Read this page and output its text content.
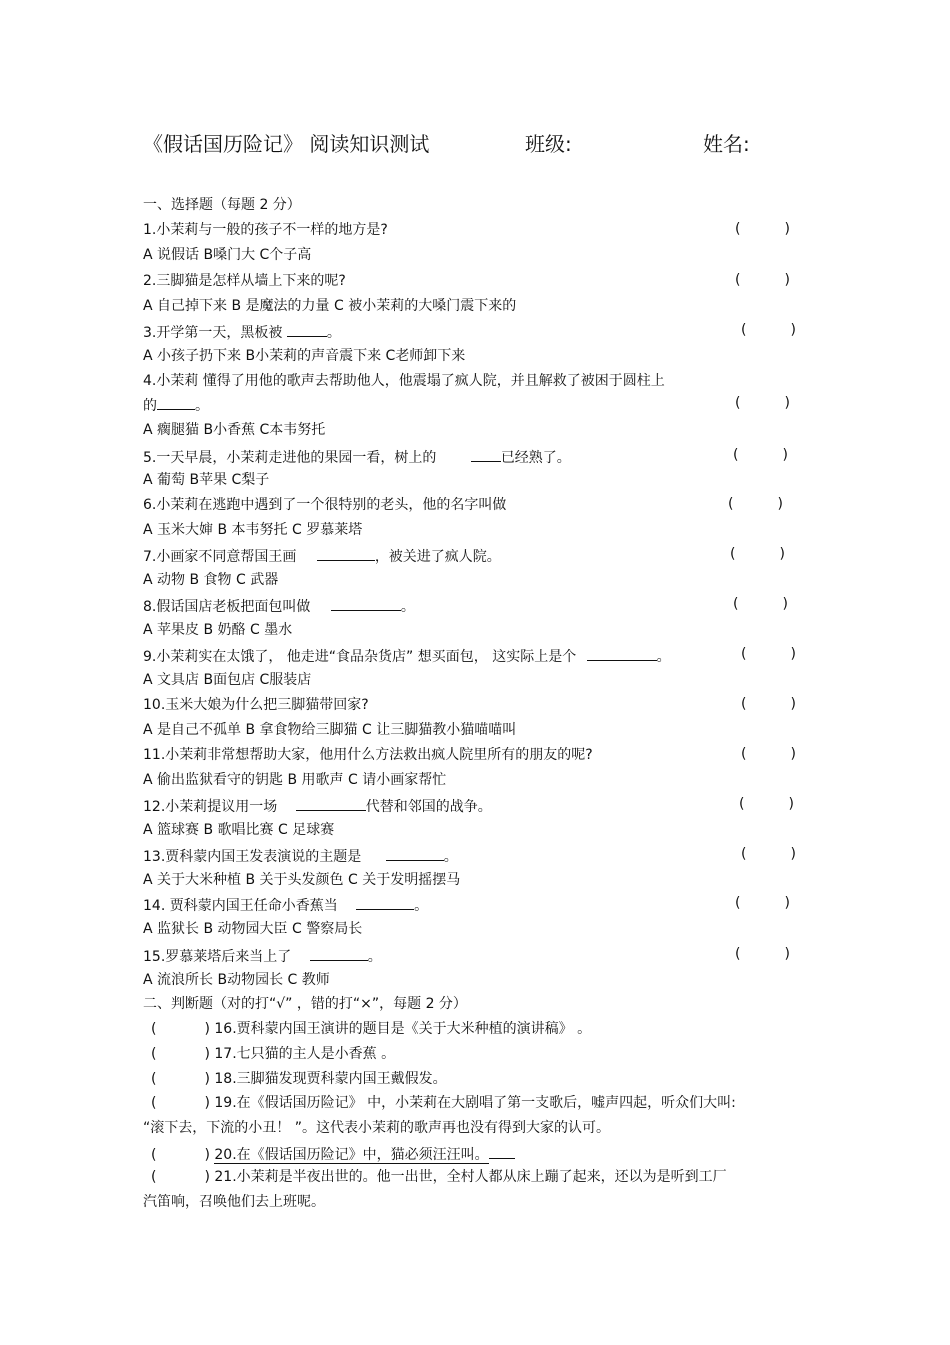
《假话国历险记》 阅读知识测试	班级:	姓名:
一、选择题（每题 2 分）
1.小茉莉与一般的孩子不一样的地方是?	(	)
A 说假话 B嗓门大 C个子高
2.三脚猫是怎样从墙上下来的呢?	(	)
A 自己掉下来 B 是魔法的力量 C 被小茉莉的大嗓门震下来的
3.开学第一天，黑板被	。	(	)
A 小孩子扔下来 B小茉莉的声音震下来 C老师卸下来
4.小茉莉 懂得了用他的歌声去帮助他人，他震塌了疯人院，并且解救了被困于圆柱上
的	。	(	)
A 瘸腿猫 B小香蕉 C本韦努托
5.一天早晨，小茉莉走进他的果园一看，树上的	已经熟了。	(	)
A 葡萄 B苹果 C梨子
6.小茉莉在逃跑中遇到了一个很特别的老头，他的名字叫做	(	)
A 玉米大婶 B 本韦努托 C 罗慕莱塔
7.小画家不同意帮国王画	，被关进了疯人院。	(	)
A 动物 B 食物 C 武器
8.假话国店老板把面包叫做	。	(	)
A 苹果皮 B 奶酪 C 墨水
9.小茉莉实在太饿了， 他走进“食品杂货店” 想买面包， 这实际上是个	。	(	)
A 文具店 B面包店 C服装店
10.玉米大娘为什么把三脚猫带回家?	(	)
A 是自己不孤单 B 拿食物给三脚猫 C 让三脚猫教小猫喵喵叫
11.小茉莉非常想帮助大家，他用什么方法救出疯人院里所有的朋友的呢?	(	)
A 偷出监狱看守的钥匙 B 用歌声 C 请小画家帮忙
12.小茉莉提议用一场	代替和邻国的战争。	(	)
A 篮球赛 B 歌唱比赛 C 足球赛
13.贾科蒙内国王发表演说的主题是	。	(	)
A 关于大米种植 B 关于头发颜色 C 关于发明摇摆马
14. 贾科蒙内国王任命小香蕉当	。	(	)
A 监狱长 B 动物园大臣 C 警察局长
15.罗慕莱塔后来当上了	。	(	)
A 流浪所长 B动物园长 C 教师
二、判断题（对的打“√” ，错的打“×”，每题 2 分）
(	) 16.贾科蒙内国王演讲的题目是《关于大米种植的演讲稿》 。
(	) 17.七只猫的主人是小香蕉 。
(	) 18.三脚猫发现贾科蒙内国王戴假发。
(	) 19.在《假话国历险记》 中，小茉莉在大剧唱了第一支歌后，嘘声四起，听众们大叫:
“滚下去，下流的小丑！ ”。这代表小茉莉的歌声再也没有得到大家的认可。
(	) 20.在《假话国历险记》中，猫必须汪汪叫。
(	) 21.小茉莉是半夜出世的。他一出世，全村人都从床上蹦了起来，还以为是听到工厂
汽笛响，召唤他们去上班呢。
